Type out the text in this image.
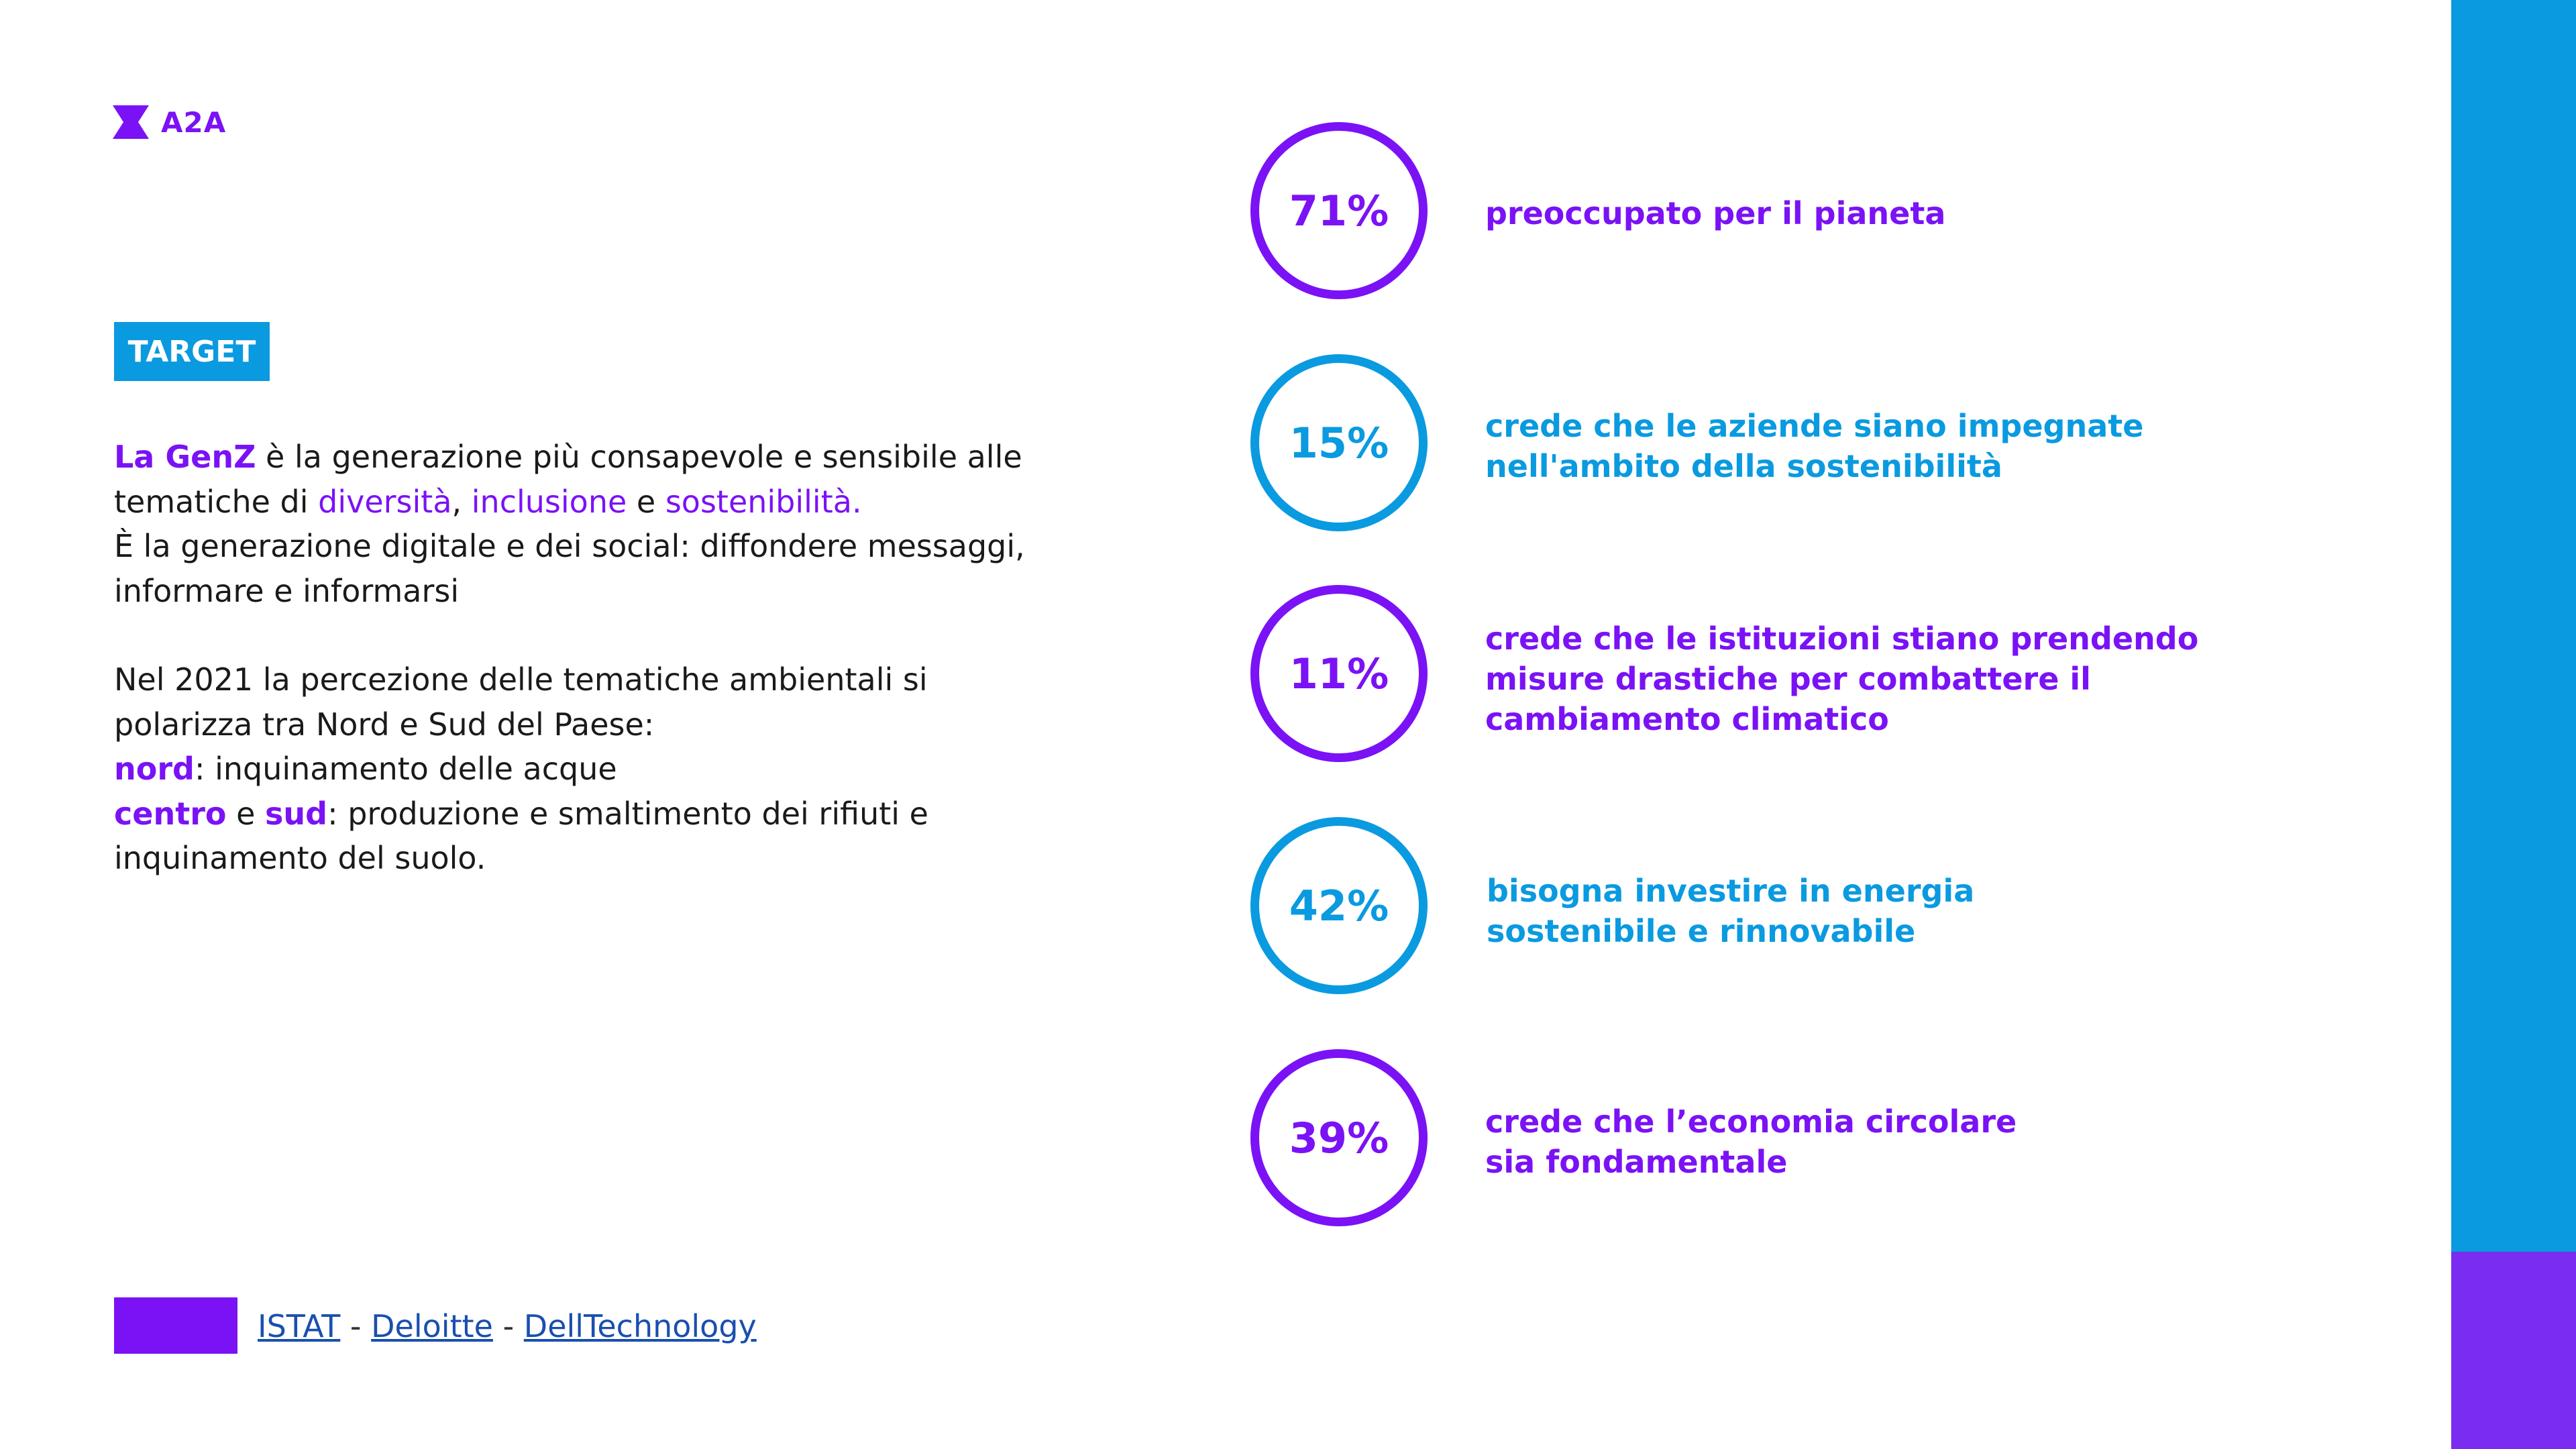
A2A
TARGET

La GenZ è la generazione più consapevole e sensibile alle tematiche di diversità, inclusione e sostenibilità.

È la generazione digitale e dei social: diffondere messaggi, informare e informarsi

Nel 2021 la percezione delle tematiche ambientali si polarizza tra Nord e Sud del Paese:

nord: inquinamento delle acque

centro e sud: produzione e smaltimento dei rifiuti e inquinamento del suolo.

ISTAT - Deloitte - DellTechnology
71%	preoccupato per il pianeta
15%	crede che le aziende siano impegnate
nell'ambito della sostenibilità
11%
crede che le istituzioni stiano prendendo
misure drastiche per combattere il
cambiamento climatico
42%	bisogna investire in energia
sostenibile e rinnovabile
39%	crede che l’economia circolare
sia fondamentale
